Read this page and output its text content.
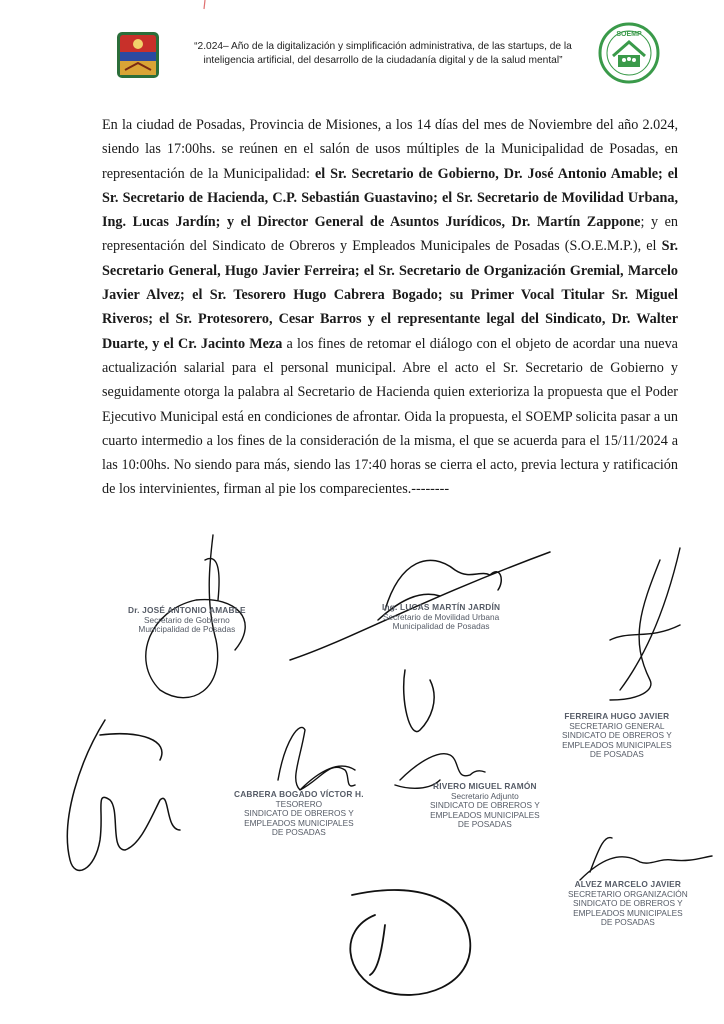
“2.024– Año de la digitalización y simplificación administrativa, de las startups, de la inteligencia artificial, del desarrollo de la ciudadanía digital y de la salud mental”
SOEMP

En la ciudad de Posadas, Provincia de Misiones, a los 14 días del mes de Noviembre del año 2.024, siendo las 17:00hs. se reúnen en el salón de usos múltiples de la Municipalidad de Posadas, en representación de la Municipalidad: el Sr. Secretario de Gobierno, Dr. José Antonio Amable; el Sr. Secretario de Hacienda, C.P. Sebastián Guastavino; el Sr. Secretario de Movilidad Urbana, Ing. Lucas Jardín; y el Director General de Asuntos Jurídicos, Dr. Martín Zappone; y en representación del Sindicato de Obreros y Empleados Municipales de Posadas (S.O.E.M.P.), el Sr. Secretario General, Hugo Javier Ferreira; el Sr. Secretario de Organización Gremial, Marcelo Javier Alvez; el Sr. Tesorero Hugo Cabrera Bogado; su Primer Vocal Titular Sr. Miguel Riveros; el Sr. Protesorero, Cesar Barros y el representante legal del Sindicato, Dr. Walter Duarte, y el Cr. Jacinto Meza a los fines de retomar el diálogo con el objeto de acordar una nueva actualización salarial para el personal municipal. Abre el acto el Sr. Secretario de Gobierno y seguidamente otorga la palabra al Secretario de Hacienda quien exterioriza la propuesta que el Poder Ejecutivo Municipal está en condiciones de afrontar. Oida la propuesta, el SOEMP solicita pasar a un cuarto intermedio a los fines de la consideración de la misma, el que se acuerda para el 15/11/2024 a las 10:00hs. No siendo para más, siendo las 17:40 horas se cierra el acto, previa lectura y ratificación de los intervinientes, firman al pie los comparecientes.--------

Dr. JOSÉ ANTONIO AMABLE
Secretario de Gobierno
Municipalidad de Posadas
Ing. LUCAS MARTÍN JARDÍN
Secretario de Movilidad Urbana
Municipalidad de Posadas
FERREIRA HUGO JAVIER
SECRETARIO GENERAL
SINDICATO DE OBREROS Y
EMPLEADOS MUNICIPALES
DE POSADAS
CABRERA BOGADO VÍCTOR H.
TESORERO
SINDICATO DE OBREROS Y
EMPLEADOS MUNICIPALES
DE POSADAS
RIVERO MIGUEL RAMÓN
Secretario Adjunto
SINDICATO DE OBREROS Y
EMPLEADOS MUNICIPALES
DE POSADAS
ALVEZ MARCELO JAVIER
SECRETARIO ORGANIZACIÓN
SINDICATO DE OBREROS Y
EMPLEADOS MUNICIPALES
DE POSADAS
